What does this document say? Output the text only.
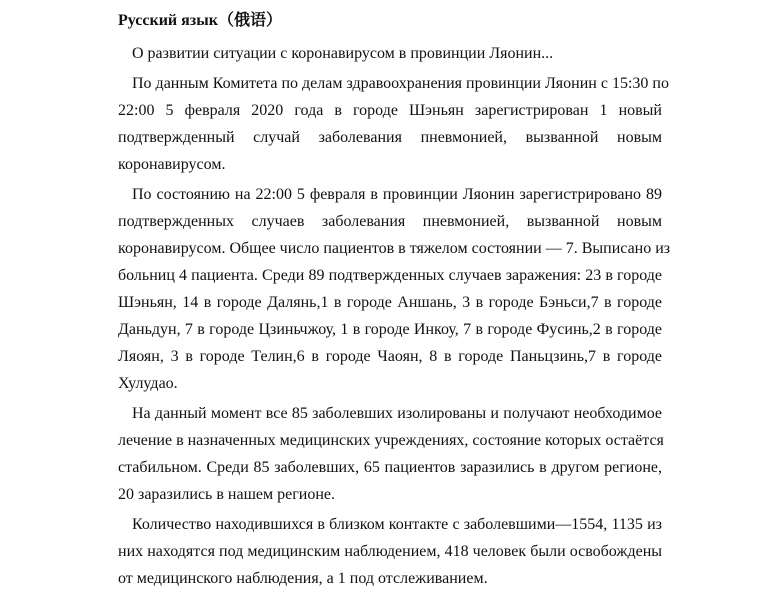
Русский язык（俄语）
О развитии ситуации с коронавирусом в провинции Ляонин...
По данным Комитета по делам здравоохранения провинции Ляонин с 15:30 по
22:00 5 февраля 2020 года в городе Шэньян зарегистрирован 1 новый
подтвержденный случай заболевания пневмонией, вызванной новым
коронавирусом.
По состоянию на 22:00 5 февраля в провинции Ляонин зарегистрировано 89
подтвержденных случаев заболевания пневмонией, вызванной новым
коронавирусом. Общее число пациентов в тяжелом состоянии — 7. Выписано из
больниц 4 пациента. Среди 89 подтвержденных случаев заражения: 23 в городе
Шэньян, 14 в городе Далянь,1 в городе Аншань, 3 в городе Бэньси,7 в городе
Даньдун, 7 в городе Цзиньчжоу, 1 в городе Инкоу, 7 в городе Фусинь,2 в городе
Ляоян, 3 в городе Телин,6 в городе Чаоян, 8 в городе Паньцзинь,7 в городе
Хулудао.
На данный момент все 85 заболевших изолированы и получают необходимое
лечение в назначенных медицинских учреждениях, состояние которых остаётся
стабильном. Среди 85 заболевших, 65 пациентов заразились в другом регионе,
20 заразились в нашем регионе.
Количество находившихся в близком контакте с заболевшими—1554, 1135 из
них находятся под медицинским наблюдением, 418 человек были освобождены
от медицинского наблюдения, а 1 под отслеживанием.
